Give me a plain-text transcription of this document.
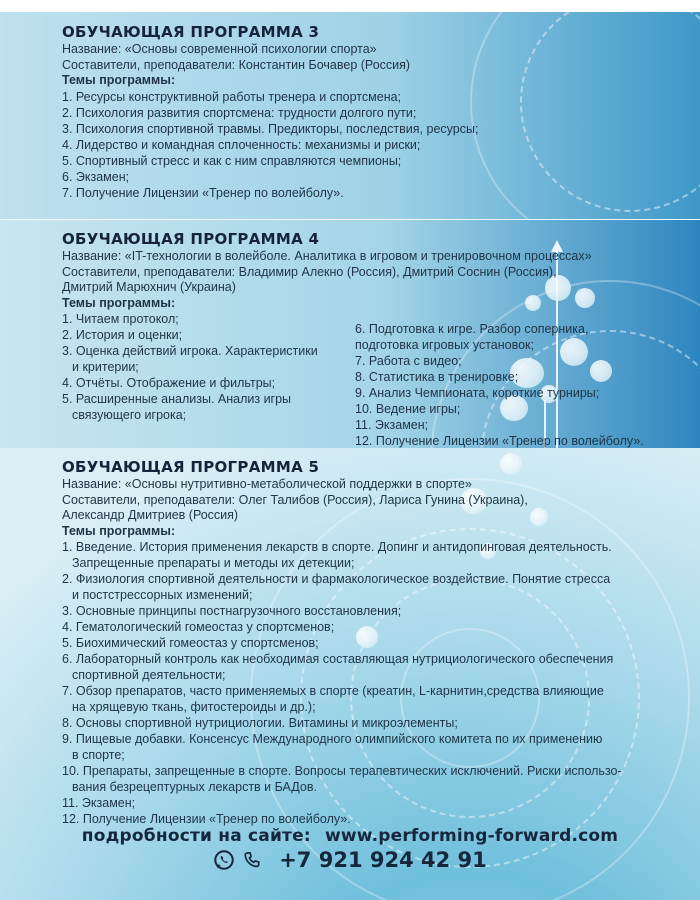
ОБУЧАЮЩАЯ ПРОГРАММА 3
Название: «Основы современной психологии спорта»
Составители, преподаватели: Константин Бочавер (Россия)
Темы программы:
1. Ресурсы конструктивной работы тренера и спортсмена;
2. Психология развития спортсмена: трудности долгого пути;
3. Психология спортивной травмы. Предикторы, последствия, ресурсы;
4. Лидерство и командная сплоченность: механизмы и риски;
5. Спортивный стресс и как с ним справляются чемпионы;
6. Экзамен;
7. Получение Лицензии «Тренер по волейболу».
ОБУЧАЮЩАЯ ПРОГРАММА 4
Название: «IT-технологии в волейболе. Аналитика в игровом и тренировочном процессах»
Составители, преподаватели: Владимир Алекно (Россия), Дмитрий Соснин (Россия),
Дмитрий Марюхнич (Украина)
Темы программы:
1. Читаем протокол;
2. История и оценки;
3. Оценка действий игрока. Характеристики
и критерии;
4. Отчёты. Отображение и фильтры;
5. Расширенные анализы. Анализ игры
связующего игрока;
6. Подготовка к игре. Разбор соперника,
подготовка игровых установок;
7. Работа с видео;
8. Статистика в тренировке;
9. Анализ Чемпионата, короткие турниры;
10. Ведение игры;
11. Экзамен;
12. Получение Лицензии «Тренер по волейболу».
ОБУЧАЮЩАЯ ПРОГРАММА 5
Название: «Основы нутритивно-метаболической поддержки в спорте»
Составители, преподаватели: Олег Талибов (Россия), Лариса Гунина (Украина),
Александр Дмитриев (Россия)
Темы программы:
1. Введение. История применения лекарств в спорте. Допинг и антидопинговая деятельность.
Запрещенные препараты и методы их детекции;
2. Физиология спортивной деятельности и фармакологическое воздействие. Понятие стресса
и постстрессорных изменений;
3. Основные принципы постнагрузочного восстановления;
4. Гематологический гомеостаз у спортсменов;
5. Биохимический гомеостаз у спортсменов;
6. Лабораторный контроль как необходимая составляющая нутрициологического обеспечения
спортивной деятельности;
7. Обзор препаратов, часто применяемых в спорте (креатин, L-карнитин,средства влияющие
на хрящевую ткань, фитостероиды и др.);
8. Основы спортивной нутрициологии. Витамины и микроэлементы;
9. Пищевые добавки. Консенсус Международного олимпийского комитета по их применению
в спорте;
10. Препараты, запрещенные в спорте. Вопросы терапевтических исключений. Риски использо-
вания безрецептурных лекарств и БАДов.
11. Экзамен;
12. Получение Лицензии «Тренер по волейболу».
подробности на сайте: www.performing-forward.com
+7 921 924 42 91
